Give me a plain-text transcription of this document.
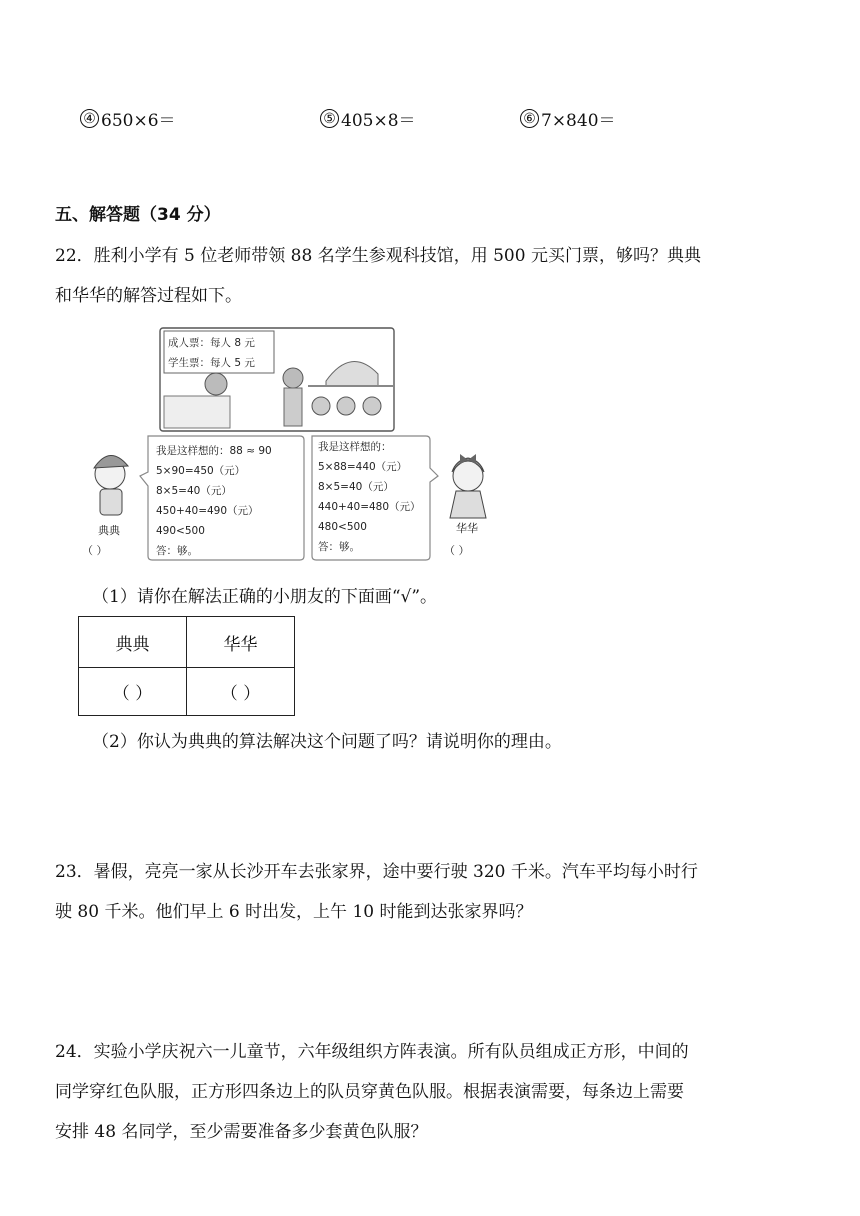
④ 650×6＝	⑤ 405×8＝	⑥ 7×840＝
五、解答题（34 分）
22．胜利小学有 5 位老师带领 88 名学生参观科技馆，用 500 元买门票，够吗？典典
和华华的解答过程如下。
成人票：每人 8 元
学生票：每人 5 元
典典
（ ）
我是这样想的：88 ≈ 90
5×90=450（元）
8×5=40（元）
450+40=490（元）
490<500
答：够。
我是这样想的：
5×88=440（元）
8×5=40（元）
440+40=480（元）
480<500
答：够。
华华
（ ）
（1）请你在解法正确的小朋友的下面画“√”。
典典	华华
（ ）	（ ）
（2）你认为典典的算法解决这个问题了吗？请说明你的理由。
23．暑假，亮亮一家从长沙开车去张家界，途中要行驶 320 千米。汽车平均每小时行
驶 80 千米。他们早上 6 时出发，上午 10 时能到达张家界吗？
24．实验小学庆祝六一儿童节，六年级组织方阵表演。所有队员组成正方形，中间的
同学穿红色队服，正方形四条边上的队员穿黄色队服。根据表演需要，每条边上需要
安排 48 名同学，至少需要准备多少套黄色队服？
